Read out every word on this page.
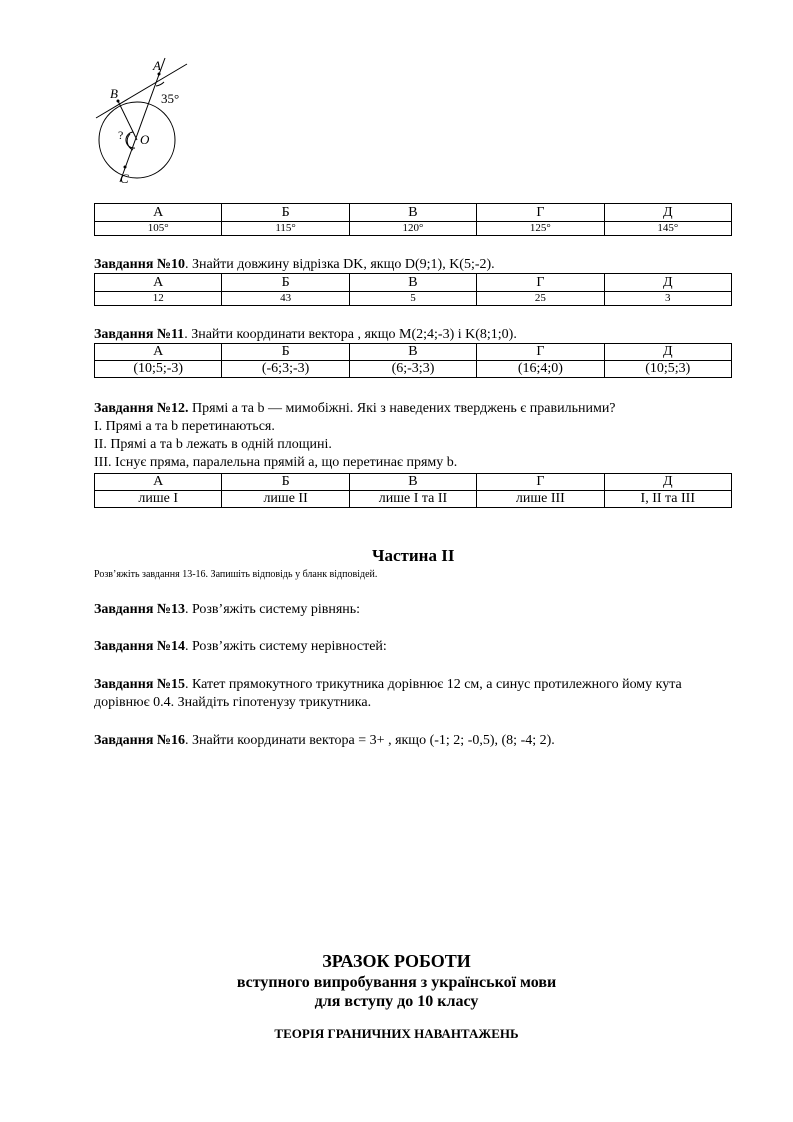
A
B	35°
? O
C
А	Б	В	Г	Д
105°	115°	120°	125°	145°
Завдання №10. Знайти довжину відрізка DK, якщо D(9;1), K(5;-2).
А	Б	В	Г	Д
12	43	5	25	3
Завдання №11. Знайти координати вектора , якщо M(2;4;-3) і K(8;1;0).
А	Б	В	Г	Д
(10;5;-3)	(-6;3;-3)	(6;-3;3)	(16;4;0)	(10;5;3)
Завдання №12. Прямі a та b — мимобіжні. Які з наведених тверджень є правильними?
І. Прямі a та b перетинаються.
ІІ. Прямі a та b лежать в одній площині.
ІІІ. Існує пряма, паралельна прямій a, що перетинає пряму b.
А	Б	В	Г	Д
лише І	лише ІІ	лише І та ІІ	лише ІІІ	І, ІІ та ІІІ
Частина ІІ
Розв’яжіть завдання 13-16. Запишіть відповідь у бланк відповідей.
Завдання №13. Розв’яжіть систему рівнянь:
Завдання №14. Розв’яжіть систему нерівностей:
Завдання №15. Катет прямокутного трикутника дорівнює 12 см, а синус протилежного йому кута дорівнює 0.4. Знайдіть гіпотенузу трикутника.
Завдання №16. Знайти координати вектора = 3+ , якщо (-1; 2; -0,5), (8; -4; 2).
ЗРАЗОК РОБОТИ
вступного випробування з української мови
для вступу до 10 класу
ТЕОРІЯ ГРАНИЧНИХ НАВАНТАЖЕНЬ
